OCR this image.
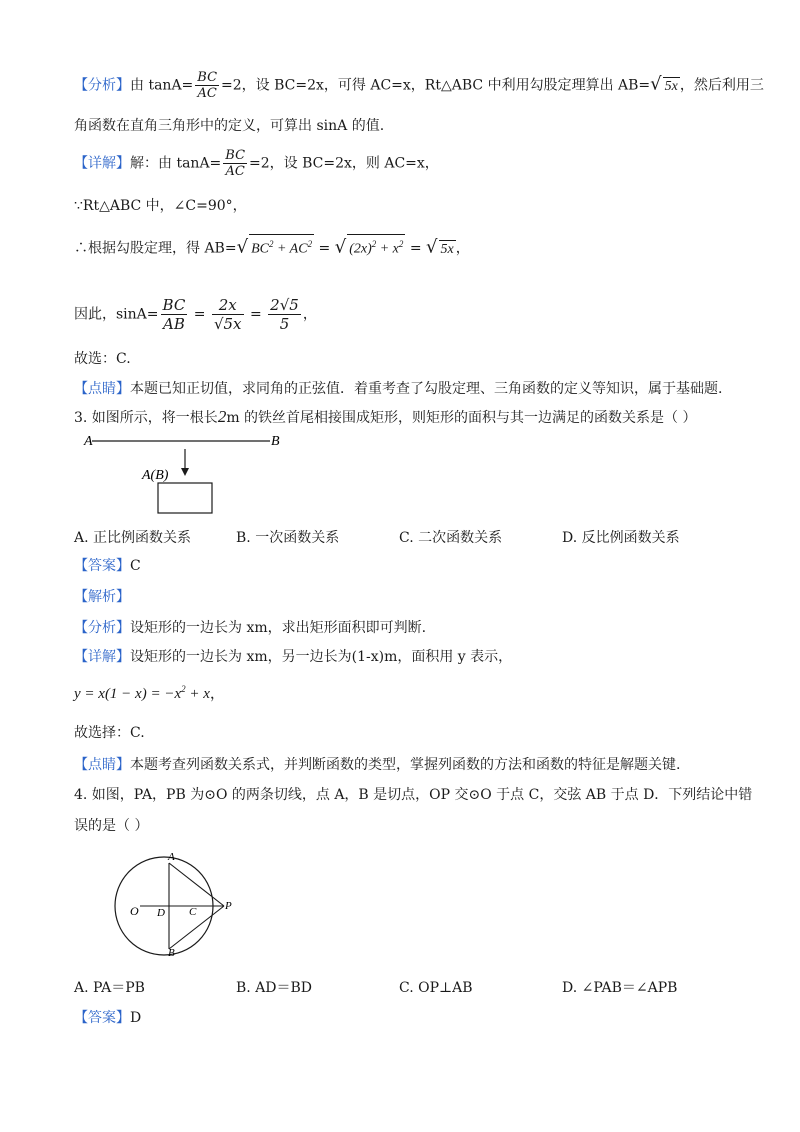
【分析】由 $\tan A= \frac{BC}{AC} =2$，设 BC=2x，可得 AC=x，Rt△ABC 中利用勾股定理算出 AB=√ 5x ，然后利用三
角函数在直角三角形中的定义，可算出 sinA 的值.
【详解】解：由 $\tan A= \frac{BC}{AC} =2$，设 BC=2x，则 AC=x，
∵Rt△ABC 中，∠C=90°，
∴根据勾股定理，得 AB=√ $BC^2 + AC^2$ = √ $(2x)^2 + x^2$ = √ 5x ，
因此，$\sin A= \frac{BC}{AB} = \frac{2x}{√5x} = \frac{2√5}{5}$ ，
故选：C.
【点睛】本题已知正切值，求同角的正弦值．着重考查了勾股定理、三角函数的定义等知识，属于基础题.
3. 如图所示，将一根长2m 的铁丝首尾相接围成矩形，则矩形的面积与其一边满足的函数关系是（ ）
A	B
A(B)
A. 正比例函数关系	B. 一次函数关系	C. 二次函数关系	D. 反比例函数关系
【答案】C
【解析】
【分析】设矩形的一边长为 xm，求出矩形面积即可判断.
【详解】设矩形的一边长为 xm，另一边长为(1-x)m，面积用 y 表示，
$y = x(1 - x) = -x^2 + x$，
故选择：C.
【点睛】本题考查列函数关系式，并判断函数的类型，掌握列函数的方法和函数的特征是解题关键.
4. 如图，PA，PB 为⊙O 的两条切线，点 A，B 是切点，OP 交⊙O 于点 C，交弦 AB 于点 D．下列结论中错
误的是（ ）
A
B
O D C	P
A. PA＝PB	B. AD＝BD	C. OP⊥AB	D. ∠PAB＝∠APB
【答案】D
